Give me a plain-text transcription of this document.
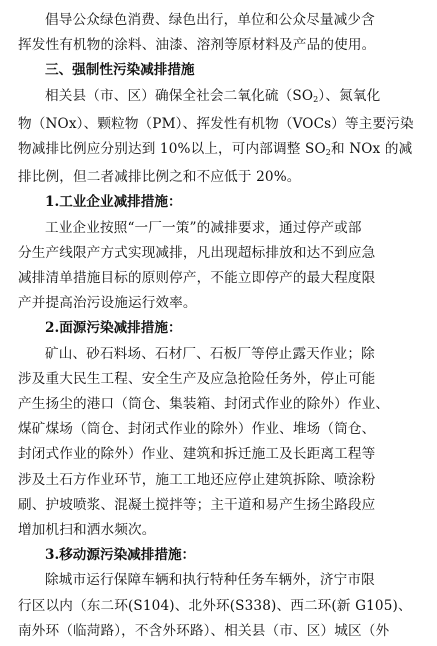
倡导公众绿色消费、绿色出行，单位和公众尽量减少含
挥发性有机物的涂料、油漆、溶剂等原材料及产品的使用。

三、强制性污染减排措施

相关县（市、区）确保全社会二氧化硫$(SO_2)$、氮氧化
物（NOx）、颗粒物（PM）、挥发性有机物（VOCs）等主要污染
物减排比例应分别达到 10%以上，可内部调整 $SO_2$和 NOx 的减
排比例，但二者减排比例之和不应低于 20%。

1.工业企业减排措施：

工业企业按照“一厂一策”的减排要求，通过停产或部
分生产线限产方式实现减排，凡出现超标排放和达不到应急
减排清单措施目标的原则停产，不能立即停产的最大程度限
产并提高治污设施运行效率。

2.面源污染减排措施：

矿山、砂石料场、石材厂、石板厂等停止露天作业；除
涉及重大民生工程、安全生产及应急抢险任务外，停止可能
产生扬尘的港口（筒仓、集装箱、封闭式作业的除外）作业、
煤矿煤场（筒仓、封闭式作业的除外）作业、堆场（筒仓、
封闭式作业的除外）作业、建筑和拆迁施工及长距离工程等
涉及土石方作业环节，施工工地还应停止建筑拆除、喷涂粉
刷、护坡喷浆、混凝土搅拌等；主干道和易产生扬尘路段应
增加机扫和洒水频次。

3.移动源污染减排措施：

除城市运行保障车辆和执行特种任务车辆外，济宁市限
行区以内（东二环(S104)、北外环(S338)、西二环(新 G105)、
南外环（临菏路），不含外环路）、相关县（市、区）城区（外
